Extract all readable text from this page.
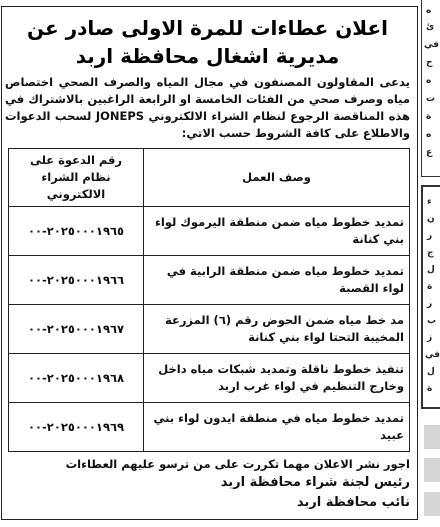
اعلان عطاءات للمرة الاولى صادر عن
مديرية اشغال محافظة اربد
يدعى المقاولون المصنفون في مجال المياه والصرف الصحي اختصاص مياه وصرف صحي من الفئات الخامسة او الرابعة الراغبين بالاشتراك في هذه المناقصة الرجوع لنظام الشراء الالكتروني JONEPS لسحب الدعوات والاطلاع على كافة الشروط حسب الاتي:
وصف العمل	رقم الدعوة على نظام الشراء الالكتروني
تمديد خطوط مياه ضمن منطقة اليرموك لواء بني كنانة	٢٠٢٥٠٠٠١٩٦٥-٠٠
تمديد خطوط مياه ضمن منطقة الرابية في لواء القصبة	٢٠٢٥٠٠٠١٩٦٦-٠٠
مد خط مياه ضمن الحوض رقم (٦) المزرعة المخيبة التحتا لواء بني كنانة	٢٠٢٥٠٠٠١٩٦٧-٠٠
تنفيذ خطوط ناقلة وتمديد شبكات مياه داخل وخارج التنظيم في لواء غرب اربد	٢٠٢٥٠٠٠١٩٦٨-٠٠
تمديد خطوط مياه في منطقة ايدون لواء بني عبيد	٢٠٢٥٠٠٠١٩٦٩-٠٠
اجور نشر الاعلان مهما تكررت على من ترسو عليهم العطاءات
رئيس لجنة شراء محافظة اربد
نائب محافظة اربد
ه
ئ
في
ح
ه
ت
ة
ه
ع
ء
ن
ر
ج
ل
ة
ر
ب
ز
في
ل
ة
